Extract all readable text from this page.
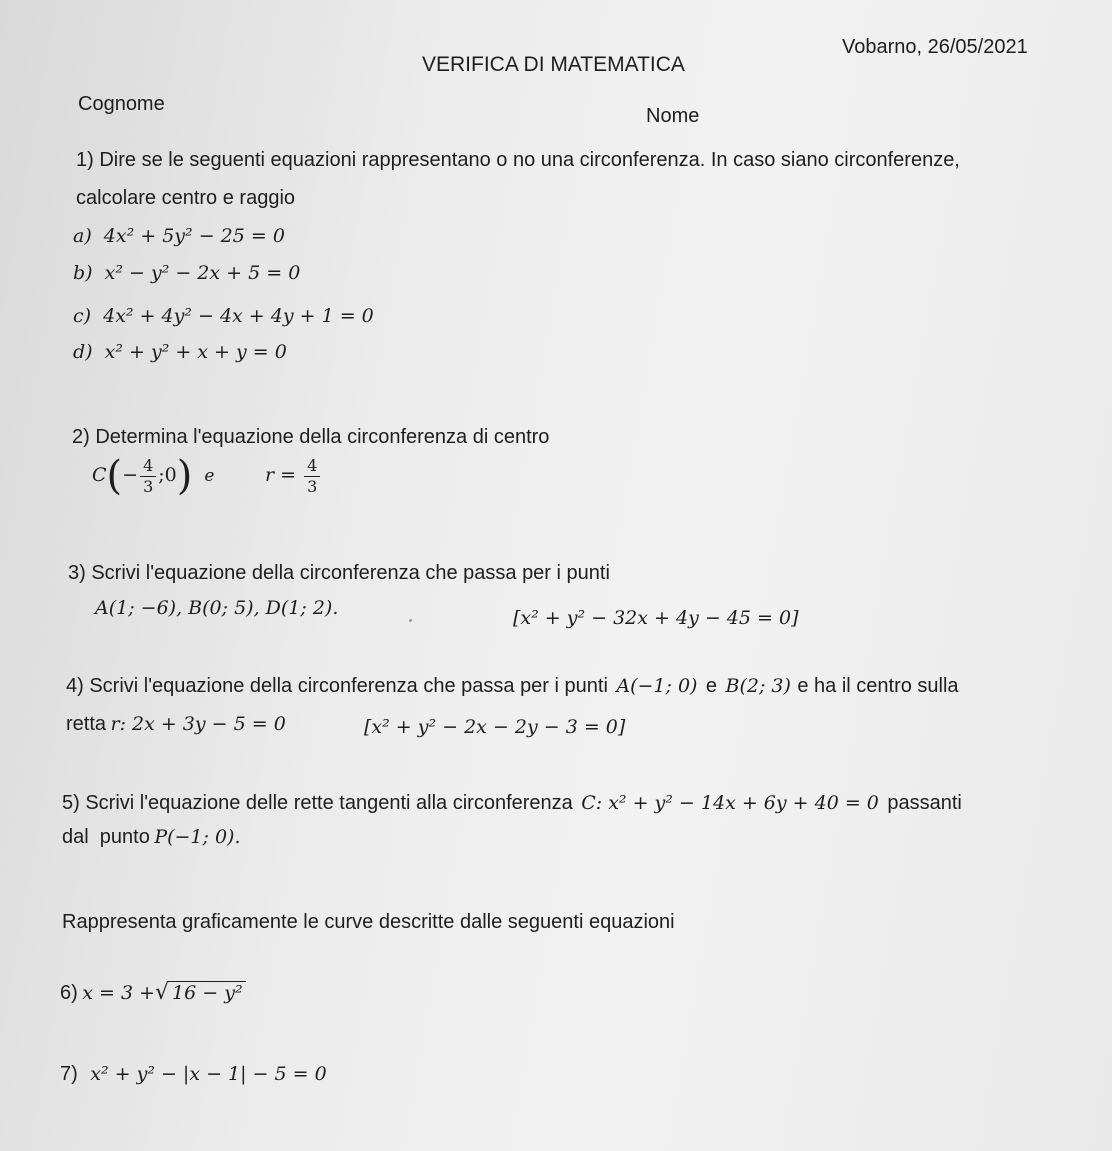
Vobarno, 26/05/2021
VERIFICA DI MATEMATICA
Cognome
Nome
1) Dire se le seguenti equazioni rappresentano o no una circonferenza. In caso siano circonferenze,
calcolare centro e raggio
a) 4x² + 5y² − 25 = 0
b) x² − y² − 2x + 5 = 0
c) 4x² + 4y² − 4x + 4y + 1 = 0
d) x² + y² + x + y = 0
2) Determina l'equazione della circonferenza di centro
$C(- \frac{4}{3}$ ;0) e	$r = \frac{4}{3}$
3) Scrivi l'equazione della circonferenza che passa per i punti
A(1; −6), B(0; 5), D(1; 2).	[x² + y² − 32x + 4y − 45 = 0]
4) Scrivi l'equazione della circonferenza che passa per i punti A(−1; 0) e B(2; 3) e ha il centro sulla
retta r: 2x + 3y − 5 = 0	[x² + y² − 2x − 2y − 3 = 0]
5) Scrivi l'equazione delle rette tangenti alla circonferenza C: x² + y² − 14x + 6y + 40 = 0 passanti
dal  punto P(−1; 0).
Rappresenta graficamente le curve descritte dalle seguenti equazioni
6) x = 3 +√ 16 − y²
7) x² + y² − |x − 1| − 5 = 0
